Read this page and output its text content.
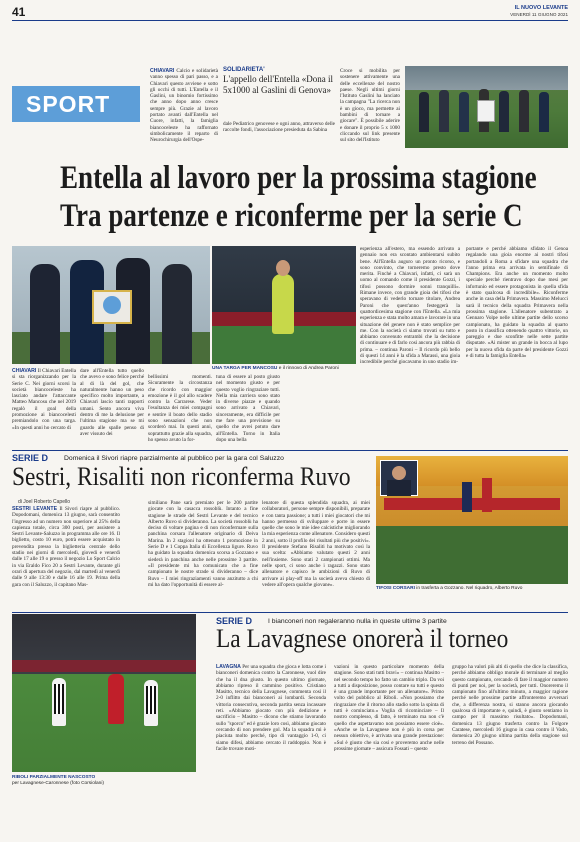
41	IL NUOVO LEVANTE
VENERDÌ 11 GIUGNO 2021
SPORT
CHIAVARI Calcio e solidarietà vanno spesso di pari passo, e a Chiavari questo avviene e sotto gli occhi di tutti. L'Entella e il Gaslini, un binomio fortissimo che anno dopo anno cresce sempre più. Grazie al lavoro portato avanti dall'Entella nel Cuore, infatti, la famiglia biancoceleste ha raffornato simbolicamente il reparto di Neurochirurgia dell'Ospe-
SOLIDARIETA'
L'appello dell'Entella «Dona il 5x1000 al Gaslini di Genova»
dale Pediatrico genovese e ogni anno, attraverso delle raccolte fondi, l'associazione presieduta da Sabina
Croce si mobilita per sostenere attivamente una delle eccellenze del nostro paese. Negli ultimi giorni l'Istituto Gaslini ha lanciato la campagna "La ricerca non è un gioco, ma permette ai bambini di tornare a giocare". È possibile aderire e donare il proprio 5 x 1000 cliccando sul link presente sul sito dell'Istituto
Entella al lavoro per la prossima stagione
Tra partenze e riconferme per la serie C
UNA TARGA PER MANCOSU e il rinnovo di Andrea Paroni
CHIAVARI Il Chiavari Entella si sta riorganizzando per la Serie C. Nei giorni scorsi la società biancoceleste ha lasciato andare l'attaccante Matteo Mancosu che nel 2019 regalò il goal della promozione ai biancocelesti premiandolo con una targa. «In questi anni ho cercato di
dare all'Entella tutto quello che avevo e sono felice perché al di là del gol, che naturalmente hanno un peso specifico molto importante, a Chiavari lascio tanti rapporti umani. Sento ancora viva dentro di me la delusione per l'ultima stagione ma se mi guardo alle spalle penso di aver vissuto dei
bellissimi momenti. Sicuramente la circostanza che ricordo con maggior emozione è il gol allo scadere contro la Carrarese. Veder l'esultanza dei miei compagni e sentire il boato dello stadio sono sensazioni che non scorderò mai. In questi anni, soprattutto grazie alla squadra, ho spesso avuto la for-
tuna di essere al posto giusto nel momento giusto e per questo voglio ringraziare tutti. Nella mia carriera sono stato in diverse piazze e quando sono arrivato a Chiavari, sinceramente, era difficile per me fare una previsione su quello che avrei potuto dare all'Entella. Torno in Italia dopo una bella
esperienza all'estero, ma essendo arrivato a gennaio non era scontato ambientarsi subito bene. All'Entella auguro un pronto ricorso, e sono convinto, che torneremo presto dove merita. Finché a Chiavari, infatti, ci sarà un uomo al comando come il presidente Gozzi, i tifosi possono dormire sonni tranquilli». Rimane invece, con grande gioia dei tifosi che speravano di vederlo tornare titolare, Andrea Paroni che quest'anno festeggerà la quattordicesima stagione con l'Entella. «La mia esperienza e stata molto amara e lavorare in una situazione del genere non è stato semplice per me. Con la società ci siamo trovati su tutto e abbiamo convenuto entrambi che la decisione di continuare e di farlo così ancora più rabbia di prima. – continua Paroni – Il ricordo più bello di questi 14 anni è la sfida a Marassi, una gioia incredibile perché giocavamo in uno stadio im-
portante e perché abbiamo sfidato il Genoa regalando una gioia enorme ai nostri tifosi portandoli a Roma a sfidare una squadra che l'anno prima era arrivata in semifinale di Champions. Era anche un momento molto speciale perché rientravo dopo due mesi per infortunio ed essere protagonista in quella sfida è stato qualcosa di incredibile». Riconferme anche in casa della Primavera. Massimo Melucci sarà il tecnico della squadra Primavera nella prossima stagione. L'allenatore subentrato a Gennaro Volpe nelle ultime partite dello scorso campionato, ha guidato la squadra al quarto posto in classifica ottenendo quattro vittorie, un pareggio e due sconfitte nelle sette partite disputate. «Ai mister un grande in bocca al lupo per la nuova sfida da parte del presidente Gozzi e di tutta la famiglia Entella»
SERIE D Domenica il Sivori riapre parzialmente al pubblico per la gara col Saluzzo
Sestri, Risaliti non riconferma Ruvo
di Joel Roberto Capello
SESTRI LEVANTE Il Sivori riapre al pubblico. Dopodomani, domenica 13 giugno, sarà consentito l'ingresso ad un numero non superiore al 25% della capienza totale, circa 300 posti, per assistere a Sestri Levante-Saluzzo in programma alle ore 16. Il biglietto, costo 10 euro, potrà essere acquistato in prevendita presso la biglietteria centrale dello stadio nei giorni di mercoledì, giovedì e venerdì dalle 17 alle 19 o presso il negozio Lo Sport Calcio in via Eraldo Fico 20 a Sestri Levante, durante gli orari di apertura del negozio, dal martedì al venerdì dalle 9 alle 13:30 e dalle 16 alle 19. Prima della gara con il Saluzzo, il capitano Mas-
similiano Pane sarà premiato per le 200 partite giocate con la casacca rossoblù. Intanto a fine stagione le strade del Sestri Levante e del tecnico Alberto Ruvo si divideranno. La società rossoblù ha deciso di voltare pagina e di non riconfermare sulla panchina corsara l'allenatore originario di Deiva Marina. In 2 stagioni ha ottenuto 1 promozione in Serie D e 1 Coppa Italia di Eccellenza ligure. Ruvo ha guidato la squadra domenica scorsa a Gozzano e siederà in panchina anche nelle prossime 3 partite. «Il presidente mi ha comunicato che a fine campionato le nostre strade si divideranno – dice Ruvo – I miei ringraziamenti vanno anzitutto a chi mi ha dato l'opportunità di essere al-
lenatore di questa splendida squadra, ai miei collaboratori, persone sempre disponibili, preparate e con tanta passione; a tutti i miei giocatori che mi hanno permesso di sviluppare e porre in essere quelle che sono le mie idee calcistiche migliorando la mia esperienza come allenatore. Considero questi 2 anni, sotto il profilo dei risultati più che positivi». Il presidente Stefano Risaliti ha motivato così la sua scelta: «Abbiamo valutato questi 2 anni nell'insieme. Sono stati 2 campionati ottimi. Ma nelle sport, ci sono anche i ragazzi. Sono stato allenatore e capisco le ambizioni di Ruvo di arrivare ai play-off ma la società aveva chiesto di vedere all'opera qualche giovane».
TIFOSI CORSARI in trasferta a Gozzano. Nel riquadro, Alberto Ruvo
RIBOLI PARZIALMENTE NASCOSTO
per Lavagnese-Caronnese (foto Corsiolani)
SERIE D I bianconeri non regaleranno nulla in queste ultime 3 partite
La Lavagnese onorerà il torneo
LAVAGNA Per una squadra che gioca e lotta come i bianconeri domenica contro la Caronnese, vuol dire che ha il dna giusto. In questo ultimo giornate, abbiamo ripreso il cammino positivo. Cristiano Masitto, tecnico della Lavagnese, commenta così il 2-0 inflitto dai bianconeri ai lombardi. Seconda vittoria consecutiva, seconda partita senza incassare reti. «Abbiamo giocato con più dedizione e sacrificio – Masitto – dicono che stiamo lavorando sullo "sporco" ed è grazie loro così, abbiamo giocato cercando di non prendere gol. Ma la squadra mi è piaciuta molto perché, tipo di vantaggio 1-0, ci siamo difesi, abbiamo cercato il raddoppio. Non è facile trovare moti-
vazioni in questo particolare momento della stagione. Sono stati tutti bravi» – continua Masitto – nel secondo tempo ho fatto un cambio triplo. Da voi a tutti a disposizione, posso contare su tutti e questo è una grande importante per un allenatore». Primo volto del pubblico al Riboli. «Non possiamo che ringraziare che il ritorno allo stadio sotto la spinta di tutti è cominciato.» Voglia di ricominciare – Il nostro complesso, di fatto, è terminato ma non c'è quello che aspettavamo non possiamo essere cioè». «Anche se la Lavagnese non è più in corsa per nessun obiettivo, è arrivata una grande prestazione: «Sul è giusto che sia così e proveremo anche nelle prossime giornate – assicura Fossati – questo
gruppo ha valori più alti di quello che dice la classifica, perché abbiamo obbligo morale di terminare al meglio questo campionato, cercando di fare il maggior numero di punti per noi, per la società, per tutti. Onoreremo il campionato fino all'ultimo minuto, a maggior ragione perché nelle prossime partite affronteremo avversari che, a differenza nostra, si stanno ancora giocando qualcosa di importante e, quindi, è giusto sentiamo in campo per il massimo risultato». Dopodomani, domenica 13 giugno trasferta contro la Folgore Caratese, mercoledì 16 giugno in casa contro il Vado, domenica 20 giugno ultima partita della stagione sul terreno del Possano.
